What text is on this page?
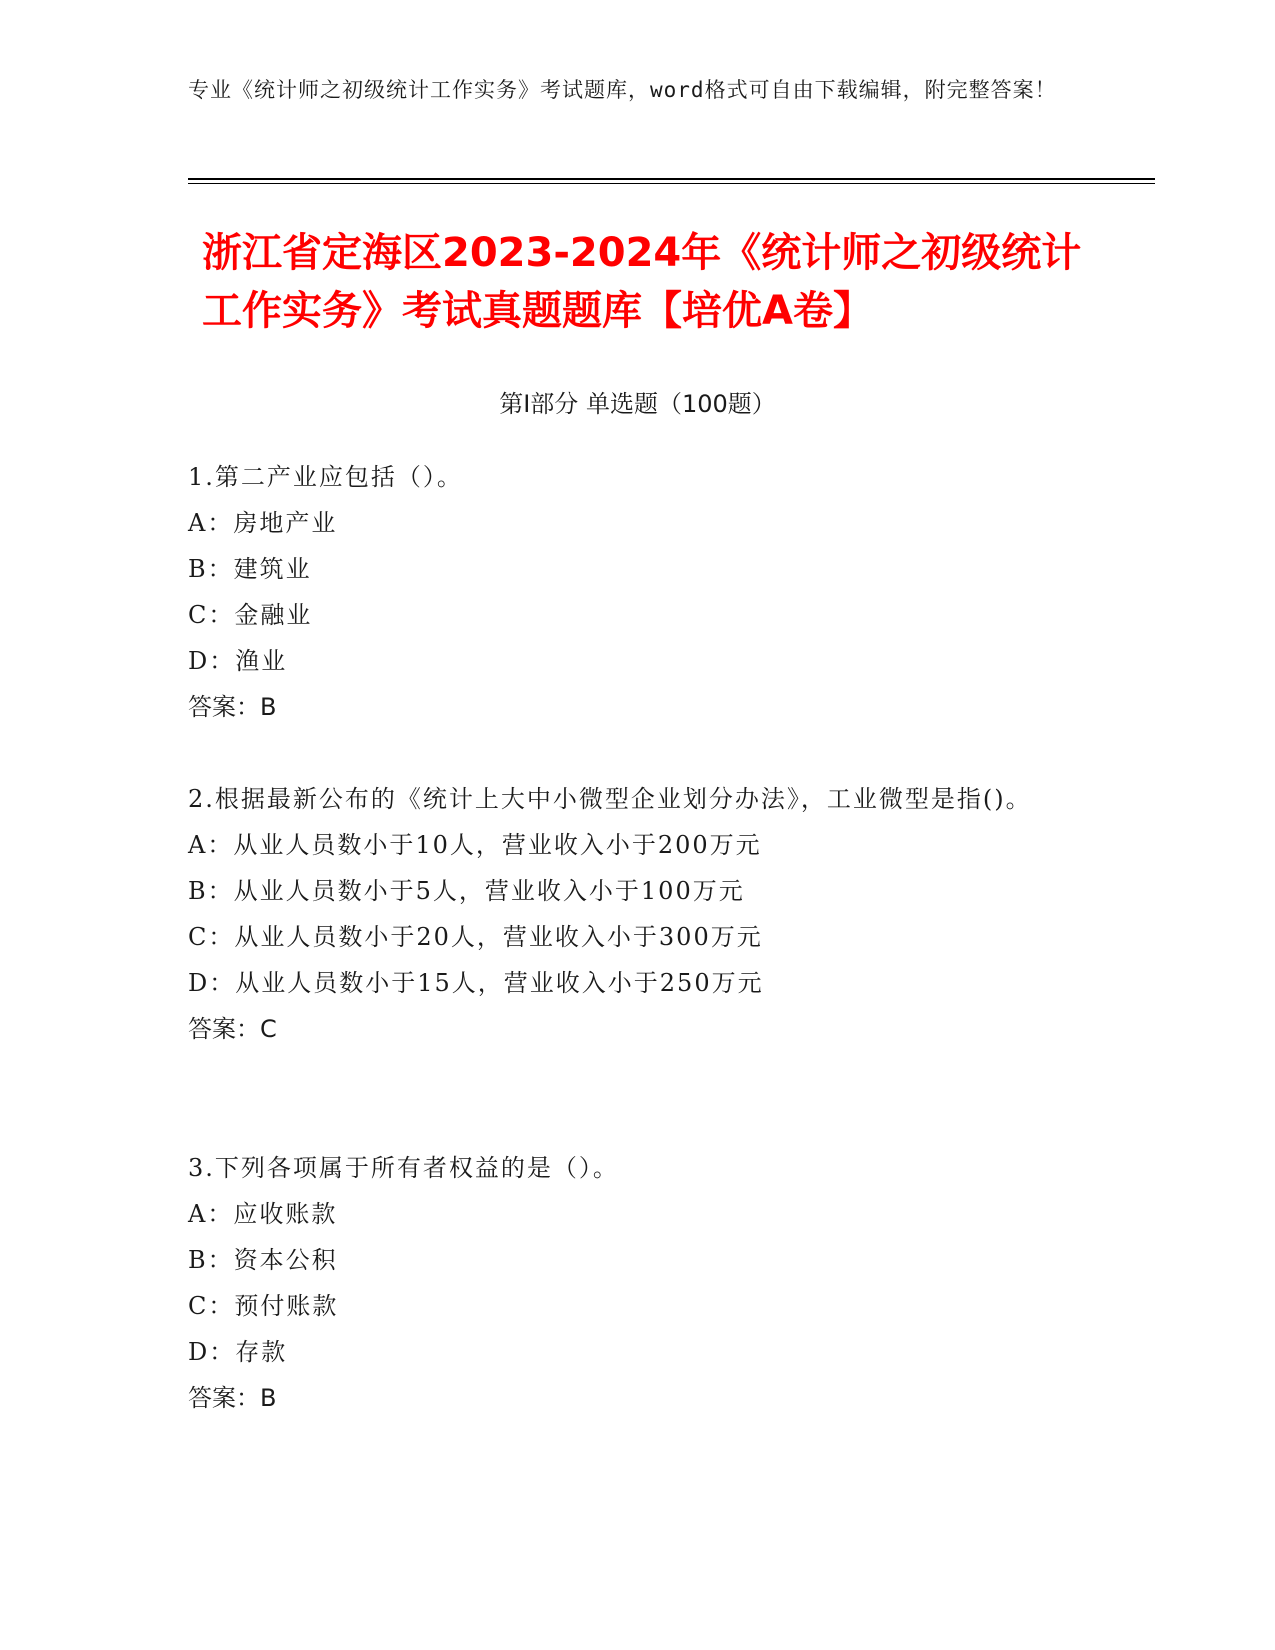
专业《统计师之初级统计工作实务》考试题库，word格式可自由下载编辑，附完整答案！
浙江省定海区2023-2024年《统计师之初级统计工作实务》考试真题题库【培优A卷】
第I部分 单选题（100题）
1.第二产业应包括（）。
A：房地产业
B：建筑业
C：金融业
D：渔业
答案：B
2.根据最新公布的《统计上大中小微型企业划分办法》，工业微型是指()。
A：从业人员数小于10人，营业收入小于200万元
B：从业人员数小于5人，营业收入小于100万元
C：从业人员数小于20人，营业收入小于300万元
D：从业人员数小于15人，营业收入小于250万元
答案：C
3.下列各项属于所有者权益的是（）。
A：应收账款
B：资本公积
C：预付账款
D：存款
答案：B
